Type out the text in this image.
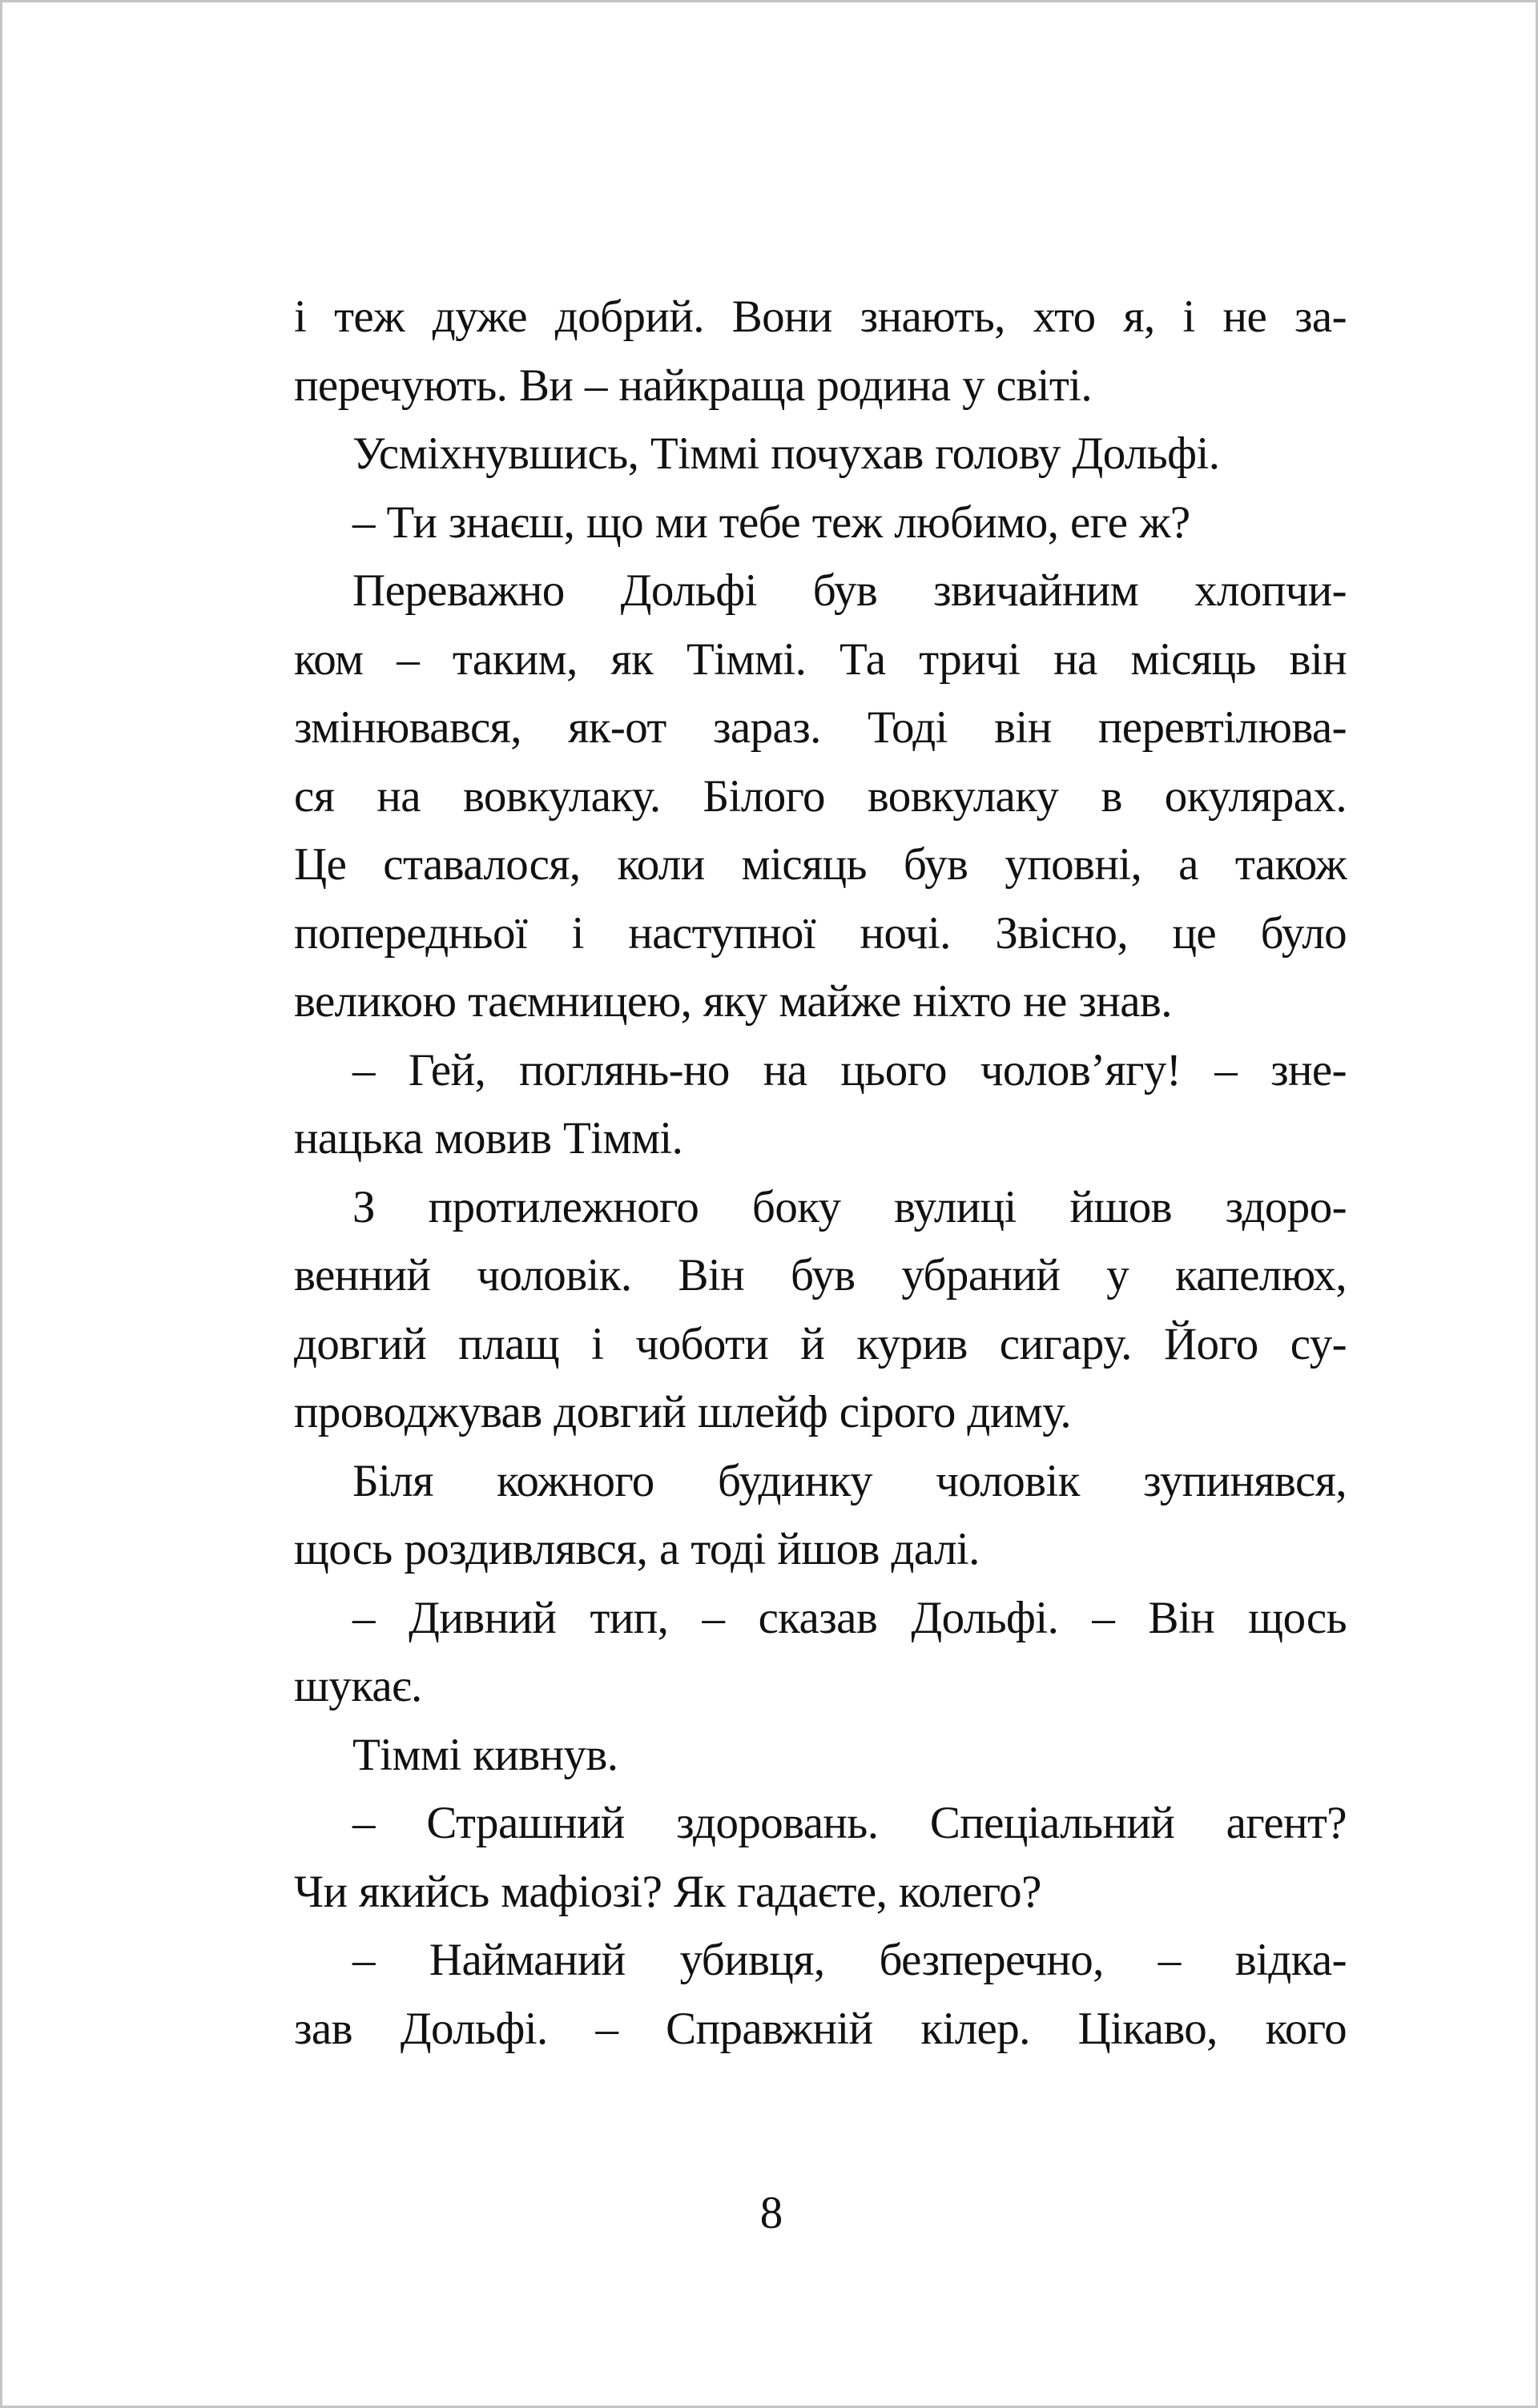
і теж дуже добрий. Вони знають, хто я, і не за-
перечують. Ви – найкраща родина у світі.
Усміхнувшись, Тіммі почухав голову Дольфі.
– Ти знаєш, що ми тебе теж любимо, еге ж?
Переважно Дольфі був звичайним хлопчи-
ком – таким, як Тіммі. Та тричі на місяць він
змінювався, як-от зараз. Тоді він перевтілюва-
ся на вовкулаку. Білого вовкулаку в окулярах.
Це ставалося, коли місяць був уповні, а також
попередньої і наступної ночі. Звісно, це було
великою таємницею, яку майже ніхто не знав.
– Гей, поглянь-но на цього чолов’ягу! – зне-
нацька мовив Тіммі.
З протилежного боку вулиці йшов здоро-
венний чоловік. Він був убраний у капелюх,
довгий плащ і чоботи й курив сигару. Його су-
проводжував довгий шлейф сірого диму.
Біля кожного будинку чоловік зупинявся,
щось роздивлявся, а тоді йшов далі.
– Дивний тип, – сказав Дольфі. – Він щось
шукає.
Тіммі кивнув.
– Страшний здоровань. Спеціальний агент?
Чи якийсь мафіозі? Як гадаєте, колего?
– Найманий убивця, безперечно, – відка-
зав Дольфі. – Справжній кілер. Цікаво, кого
8
